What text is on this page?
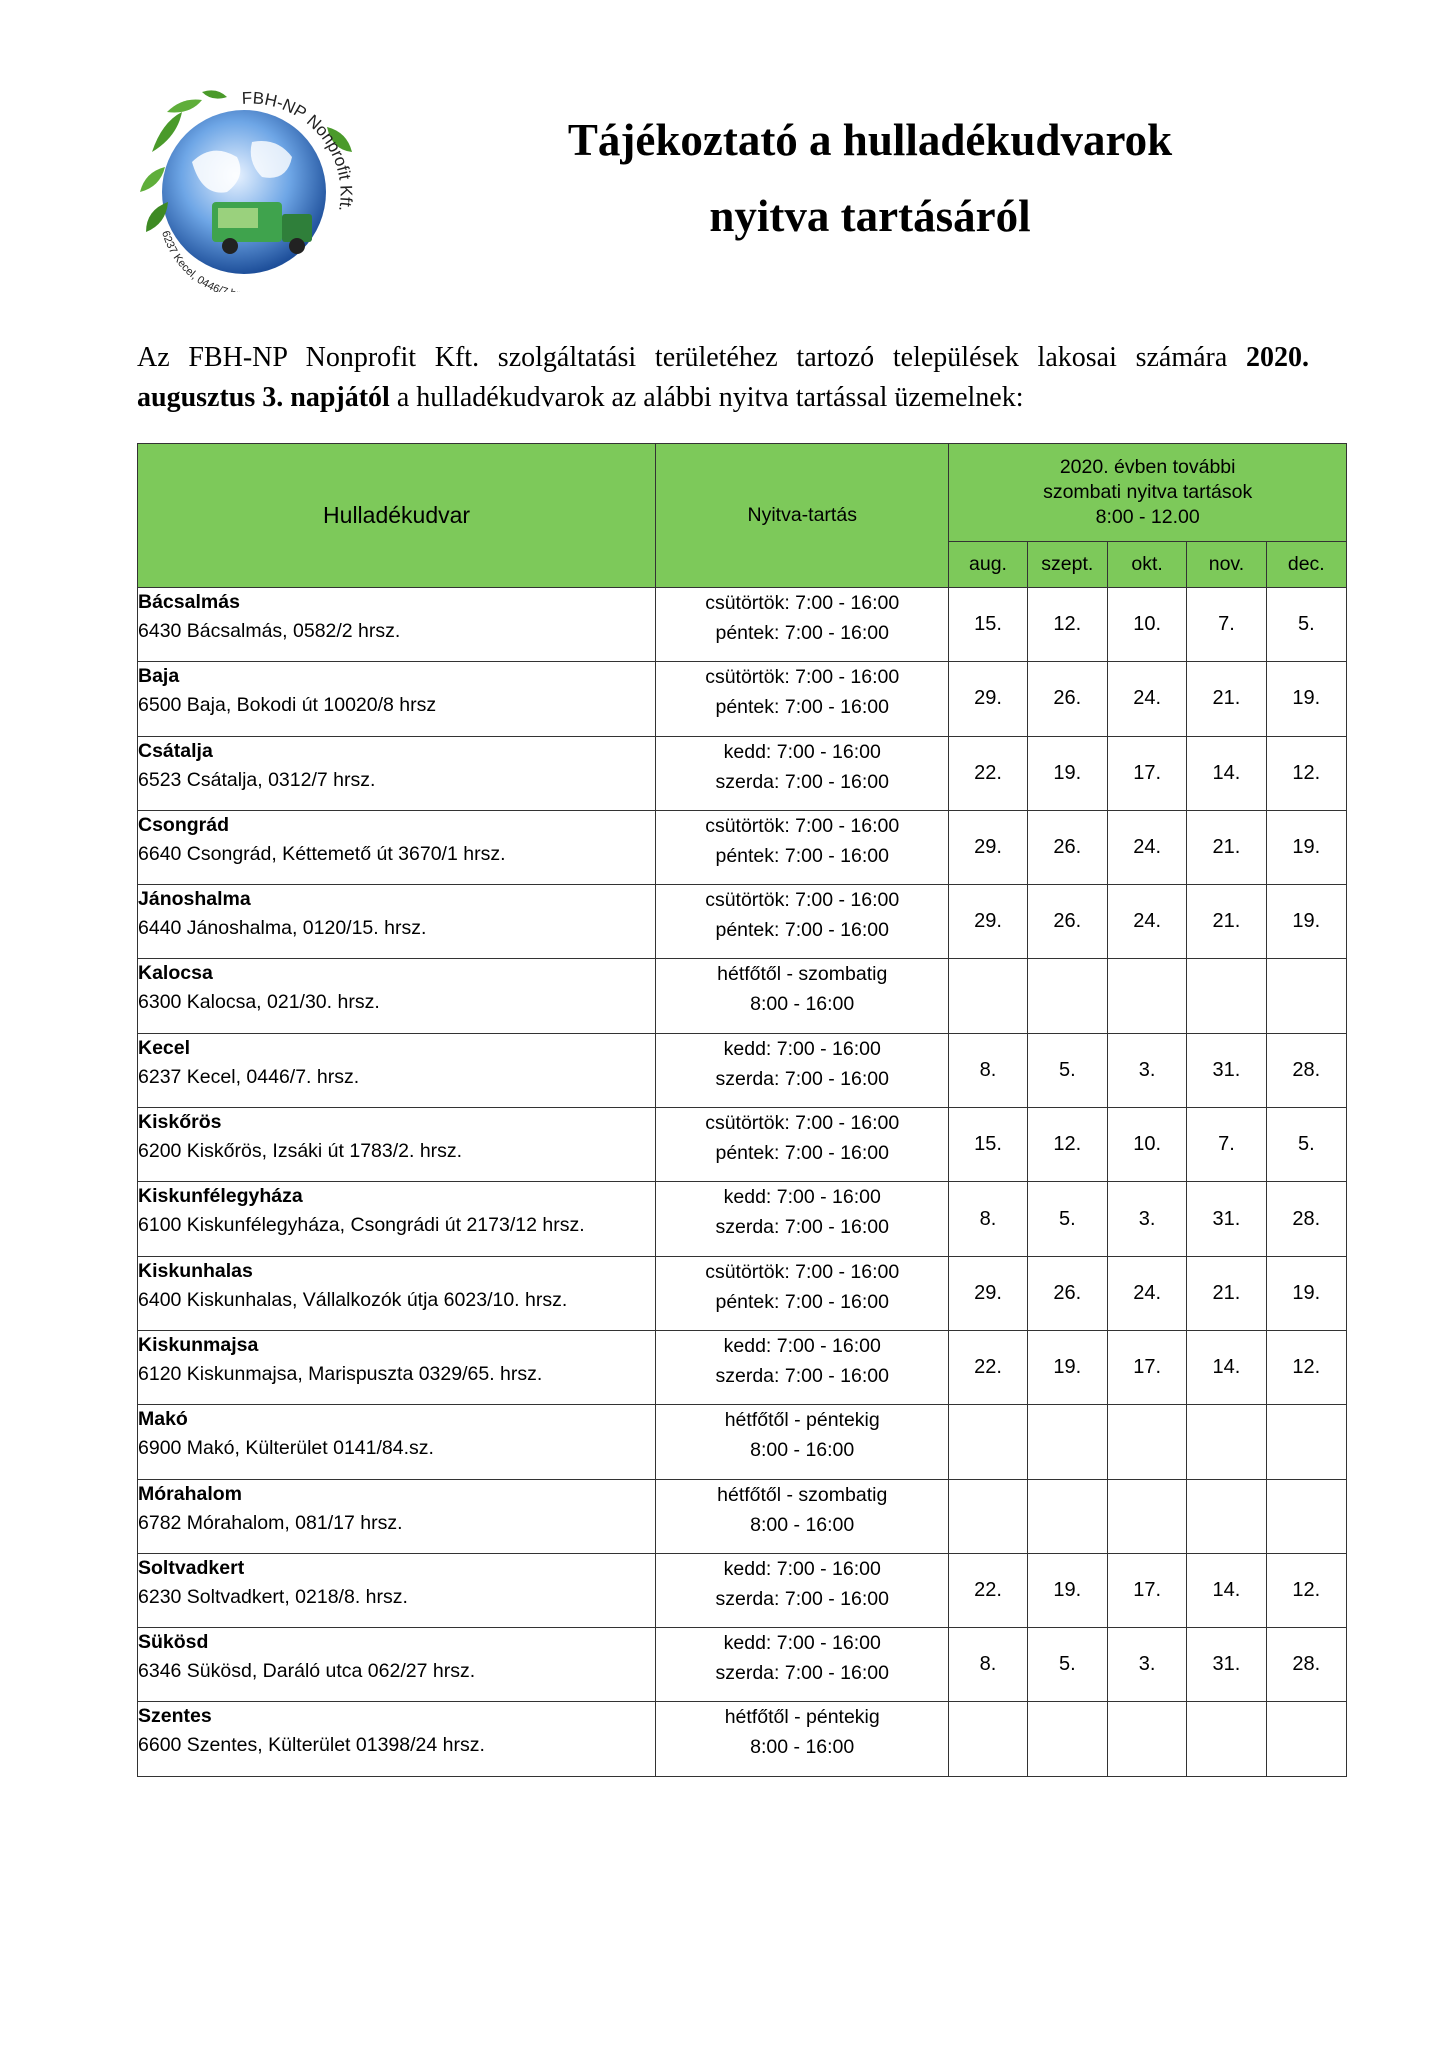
FBH-NP Nonprofit Kft.
6237 Kecel, 0446/7
Tájékoztató a hulladékudvarok
nyitva tartásáról
Az FBH-NP Nonprofit Kft. szolgáltatási területéhez tartozó települések lakosai számára 2020.
augusztus 3. napjától a hulladékudvarok az alábbi nyitva tartással üzemelnek:
Hulladékudvar	Nyitva-tartás	2020. évben további
szombati nyitva tartások
8:00 - 12.00				

		aug.	szept.	okt.	nov.	dec.

Bácsalmás
6430 Bácsalmás, 0582/2 hrsz.	csütörtök: 7:00 - 16:00
péntek: 7:00 - 16:00	15.	12.	10.	7.	5.

Baja
6500 Baja, Bokodi út 10020/8 hrsz	csütörtök: 7:00 - 16:00
péntek: 7:00 - 16:00	29.	26.	24.	21.	19.

Csátalja
6523 Csátalja, 0312/7 hrsz.	kedd: 7:00 - 16:00
szerda: 7:00 - 16:00	22.	19.	17.	14.	12.

Csongrád
6640 Csongrád, Kéttemető út 3670/1 hrsz.	csütörtök: 7:00 - 16:00
péntek: 7:00 - 16:00	29.	26.	24.	21.	19.

Jánoshalma
6440 Jánoshalma, 0120/15. hrsz.	csütörtök: 7:00 - 16:00
péntek: 7:00 - 16:00	29.	26.	24.	21.	19.

Kalocsa
6300 Kalocsa, 021/30. hrsz.	hétfőtől - szombatig
8:00 - 16:00					

Kecel
6237 Kecel, 0446/7. hrsz.	kedd: 7:00 - 16:00
szerda: 7:00 - 16:00	8.	5.	3.	31.	28.

Kiskőrös
6200 Kiskőrös, Izsáki út 1783/2. hrsz.	csütörtök: 7:00 - 16:00
péntek: 7:00 - 16:00	15.	12.	10.	7.	5.

Kiskunfélegyháza
6100 Kiskunfélegyháza, Csongrádi út 2173/12 hrsz.	kedd: 7:00 - 16:00
szerda: 7:00 - 16:00	8.	5.	3.	31.	28.

Kiskunhalas
6400 Kiskunhalas, Vállalkozók útja 6023/10. hrsz.	csütörtök: 7:00 - 16:00
péntek: 7:00 - 16:00	29.	26.	24.	21.	19.

Kiskunmajsa
6120 Kiskunmajsa, Marispuszta 0329/65. hrsz.	kedd: 7:00 - 16:00
szerda: 7:00 - 16:00	22.	19.	17.	14.	12.

Makó
6900 Makó, Külterület 0141/84.sz.	hétfőtől - péntekig
8:00 - 16:00					

Mórahalom
6782 Mórahalom, 081/17 hrsz.	hétfőtől - szombatig
8:00 - 16:00					

Soltvadkert
6230 Soltvadkert, 0218/8. hrsz.	kedd: 7:00 - 16:00
szerda: 7:00 - 16:00	22.	19.	17.	14.	12.

Sükösd
6346 Sükösd, Daráló utca 062/27 hrsz.	kedd: 7:00 - 16:00
szerda: 7:00 - 16:00	8.	5.	3.	31.	28.

Szentes
6600 Szentes, Külterület 01398/24 hrsz.	hétfőtől - péntekig
8:00 - 16:00					
